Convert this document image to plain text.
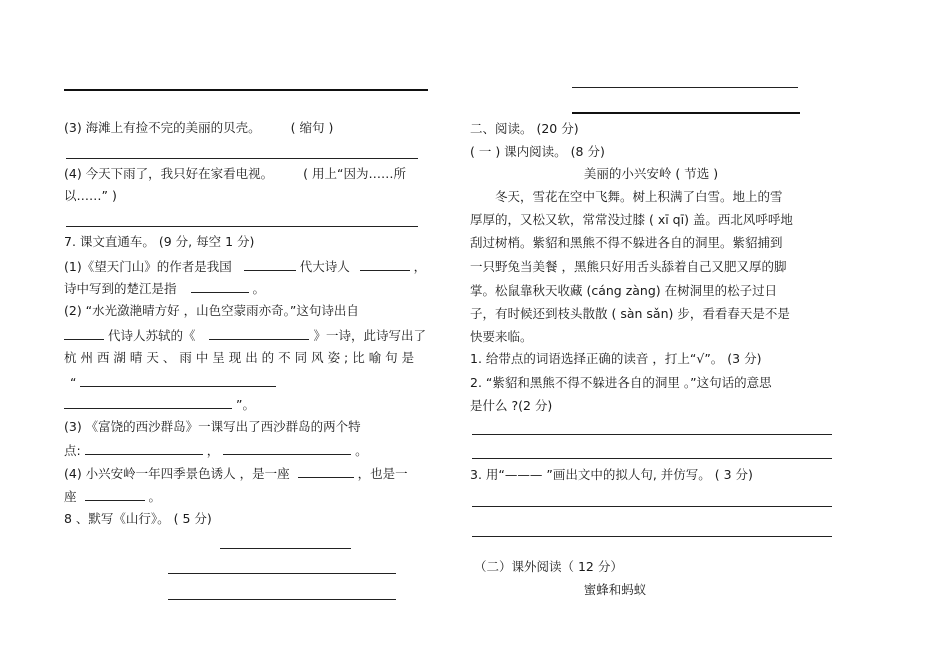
(3) 海滩上有捡不完的美丽的贝壳。 ( 缩句 )
(4) 今天下雨了，我只好在家看电视。 ( 用上“因为……所
以……” )
7. 课文直通车。 (9 分, 每空 1 分)
(1)《望天门山》的作者是我国	代大诗人	，
诗中写到的楚江是指	。
(2) “水光潋滟晴方好 ，山色空蒙雨亦奇。”这句诗出自
代诗人苏轼的《	》一诗，此诗写出了
杭 州 西 湖 晴 天 、 雨 中 呈 现 出 的 不 同 风 姿 ; 比 喻 句 是
“
”。
(3) 《富饶的西沙群岛》一课写出了西沙群岛的两个特
点:	，	。
(4) 小兴安岭一年四季景色诱人 ，是一座	，也是一
座	。
8 、默写《山行》。 ( 5 分)
二、阅读。 (20 分)
( 一 ) 课内阅读。 (8 分)
美丽的小兴安岭 ( 节选 )
冬天，雪花在空中飞舞。树上积满了白雪。地上的雪
厚厚的，又松又软，常常没过膝 ( xī qī) 盖。西北风呼呼地
刮过树梢。紫貂和黑熊不得不躲进各自的洞里。紫貂捕到
一只野兔当美餐 ，黑熊只好用舌头舔着自己又肥又厚的脚
掌。松鼠靠秋天收藏 (cáng zàng) 在树洞里的松子过日
子，有时候还到枝头散散 ( sàn sǎn) 步，看看春天是不是
快要来临。
1. 给带点的词语选择正确的读音 ，打上“√”。 (3 分)
2. “紫貂和黑熊不得不躲进各自的洞里 。”这句话的意思
是什么 ?(2 分)
3. 用“——— ”画出文中的拟人句, 并仿写。 ( 3 分)
（二）课外阅读（ 12 分）
蜜蜂和蚂蚁
